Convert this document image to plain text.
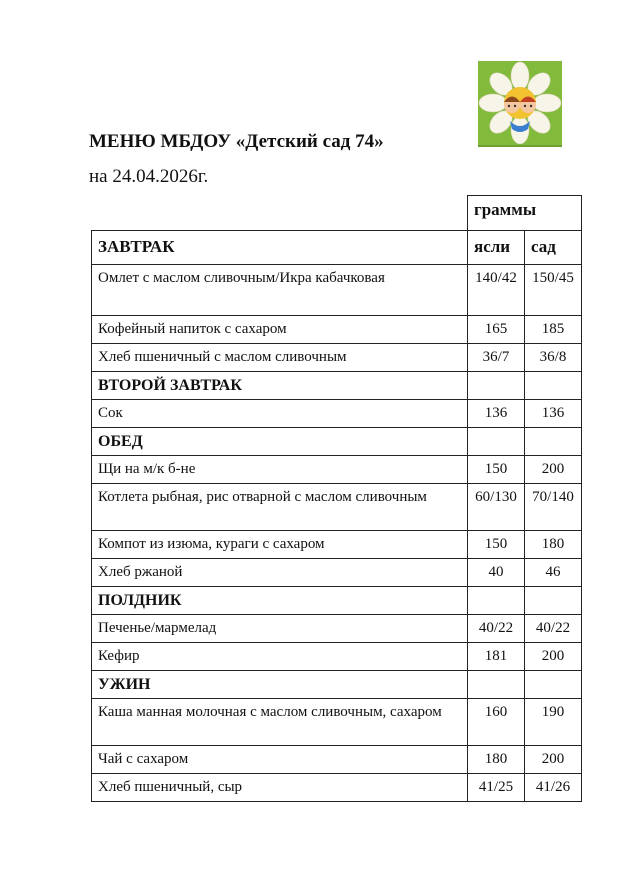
МЕНЮ МБДОУ «Детский сад 74»
на 24.04.2026г.
	граммы	
ЗАВТРАК	ясли	сад
Омлет с маслом сливочным/Икра кабачковая	140/42	150/45
Кофейный напиток с сахаром	165	185
Хлеб пшеничный с маслом сливочным	36/7	36/8
ВТОРОЙ ЗАВТРАК		
Сок	136	136
ОБЕД		
Щи на м/к б-не	150	200
Котлета рыбная, рис отварной с маслом сливочным	60/130	70/140
Компот из изюма, кураги с сахаром	150	180
Хлеб ржаной	40	46
ПОЛДНИК		
Печенье/мармелад	40/22	40/22
Кефир	181	200
УЖИН		
Каша манная молочная с маслом сливочным, сахаром	160	190
Чай с сахаром	180	200
Хлеб пшеничный, сыр	41/25	41/26
